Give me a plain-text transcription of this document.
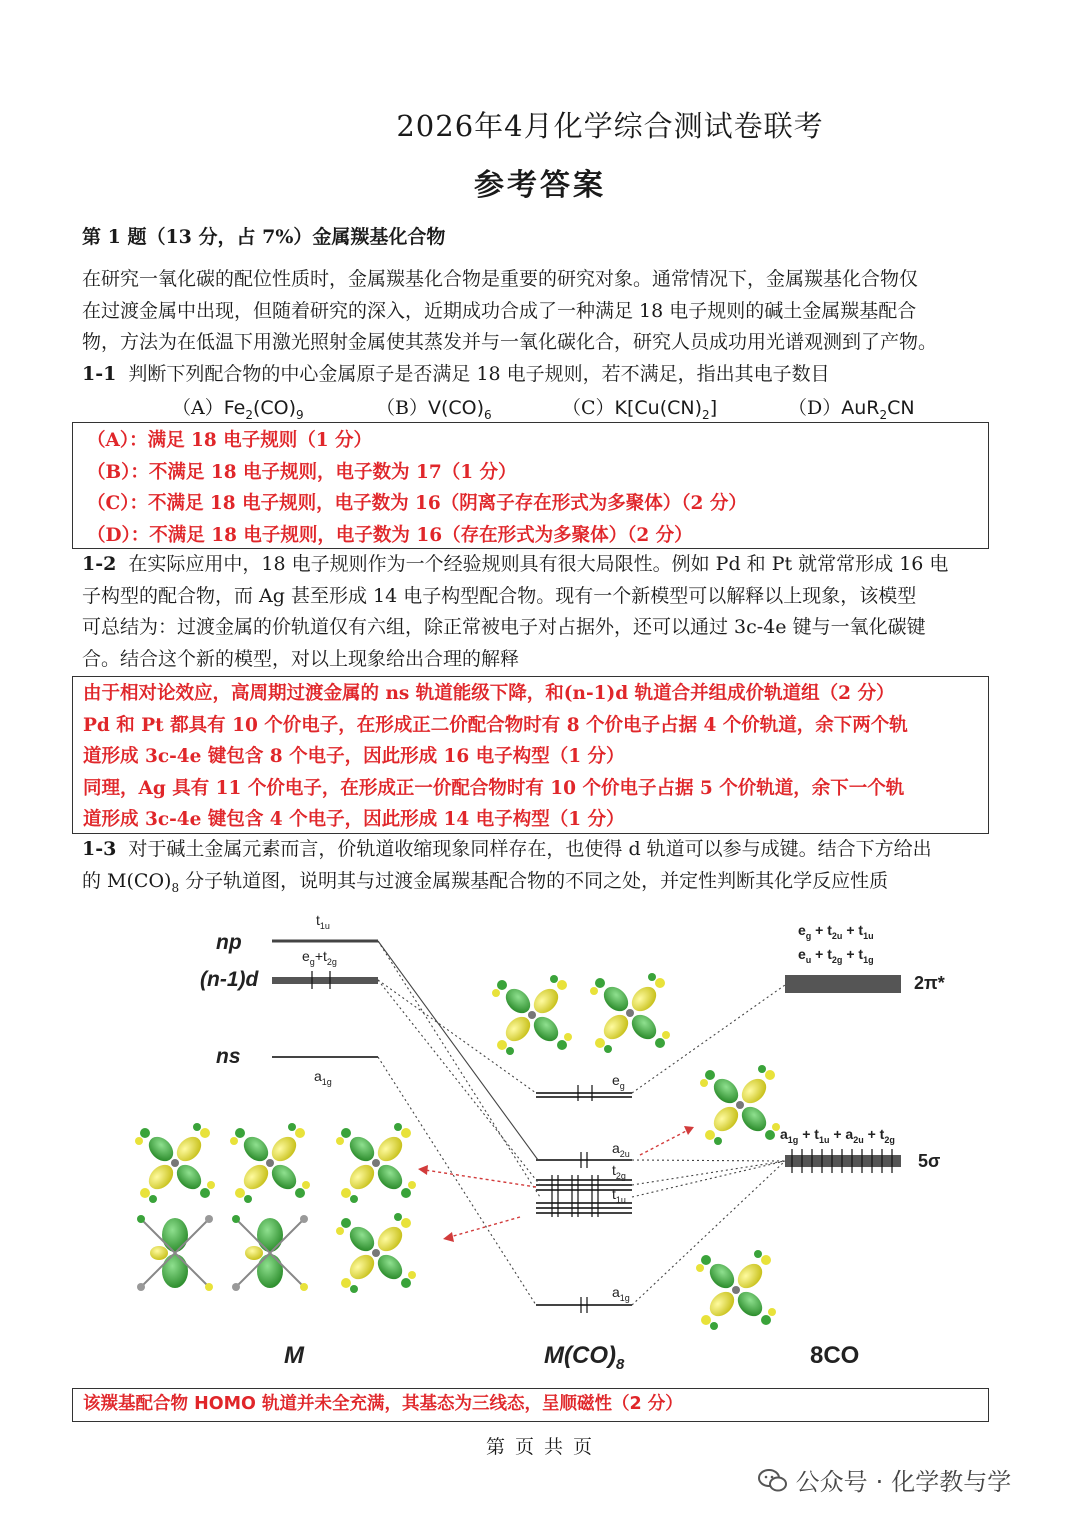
2026年4月化学综合测试卷联考
参考答案
第 1 题（13 分，占 7%）金属羰基化合物
在研究一氧化碳的配位性质时，金属羰基化合物是重要的研究对象。通常情况下，金属羰基化合物仅
在过渡金属中出现，但随着研究的深入，近期成功合成了一种满足 18 电子规则的碱土金属羰基配合
物，方法为在低温下用激光照射金属使其蒸发并与一氧化碳化合，研究人员成功用光谱观测到了产物。
1-1 判断下列配合物的中心金属原子是否满足 18 电子规则，若不满足，指出其电子数目
$(A)Fe_2(CO)_9$	$(B)V(CO)_6$	$(C)K[Cu(CN)_2]$	（D）AuR$_2$CN
（A）：满足 18 电子规则（1 分）
（B）：不满足 18 电子规则，电子数为 17（1 分）
（C）：不满足 18 电子规则，电子数为 16（阴离子存在形式为多聚体）（2 分）
（D）：不满足 18 电子规则，电子数为 16（存在形式为多聚体）（2 分）
1-2 在实际应用中，18 电子规则作为一个经验规则具有很大局限性。例如 Pd 和 Pt 就常常形成 16 电
子构型的配合物，而 Ag 甚至形成 14 电子构型配合物。现有一个新模型可以解释以上现象，该模型
可总结为：过渡金属的价轨道仅有六组，除正常被电子对占据外，还可以通过 3c-4e 键与一氧化碳键
合。结合这个新的模型，对以上现象给出合理的解释
由于相对论效应，高周期过渡金属的 ns 轨道能级下降，和(n-1)d 轨道合并组成价轨道组（2 分）
Pd 和 Pt 都具有 10 个价电子，在形成正二价配合物时有 8 个价电子占据 4 个价轨道，余下两个轨
道形成 3c-4e 键包含 8 个电子，因此形成 16 电子构型（1 分）
同理，Ag 具有 11 个价电子，在形成正一价配合物时有 10 个价电子占据 5 个价轨道，余下一个轨
道形成 3c-4e 键包含 4 个电子，因此形成 14 电子构型（1 分）
1-3 对于碱土金属元素而言，价轨道收缩现象同样存在，也使得 d 轨道可以参与成键。结合下方给出
的 $M(CO)_8$ 分子轨道图，说明其与过渡金属羰基配合物的不同之处，并定性判断其化学反应性质
np
(n-1)d
ns
$t_{1u}$
$e_g+t_{2g}$
$a_{1g}$	$e_g$
$a_{2u}$
$t_{2g}$
$t_{1u}$
$a_{1g}$
$e_g + t_{2u} + t_{1u}$
$e_u + t_{2g} + t_{1g}$
2π*
$a_{1g} + t_{1u} + a_{2u} + t_{2g}$
5σ
M	$M(CO)_8$	8CO
该羰基配合物 HOMO 轨道并未全充满，其基态为三线态，呈顺磁性（2 分）
第 页 共 页
公众号 · 化学教与学
